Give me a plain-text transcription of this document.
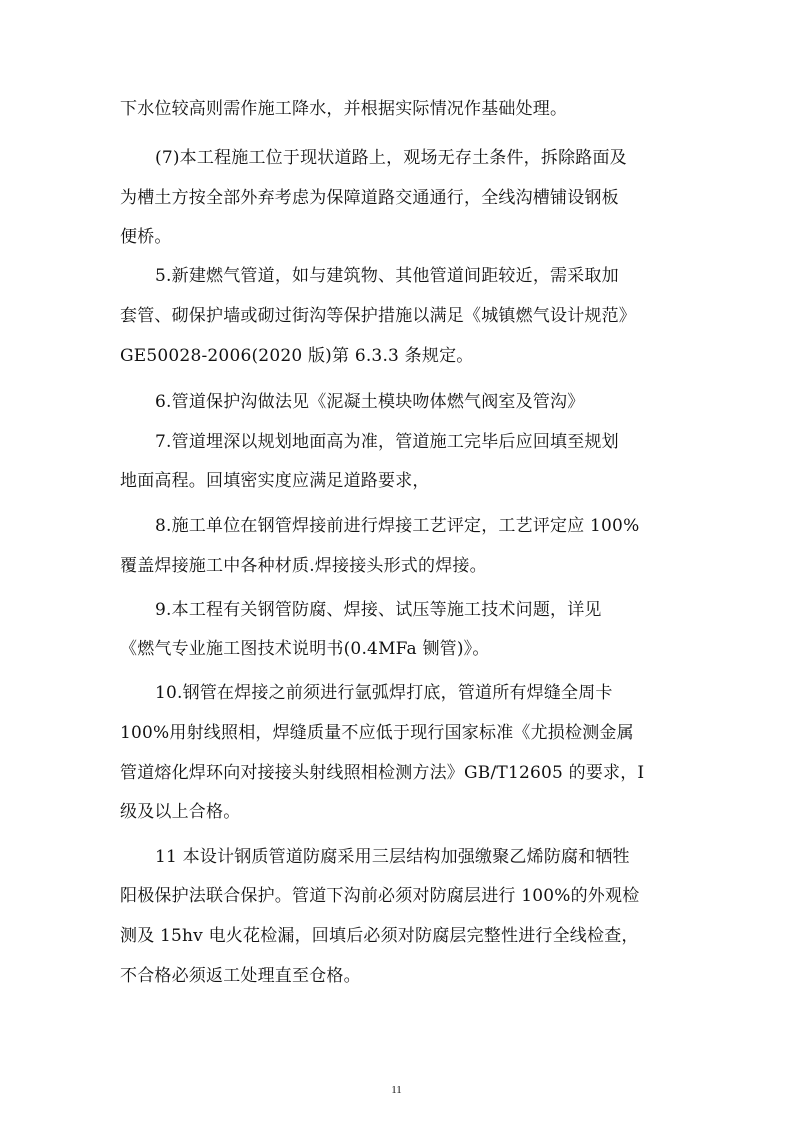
下水位较高则需作施工降水，并根据实际情况作基础处理。
(7)本工程施工位于现状道路上，观场无存土条件，拆除路面及
为槽土方按全部外弃考虑为保障道路交通通行，全线沟槽铺设钢板
便桥。
5.新建燃气管道，如与建筑物、其他管道间距较近，需采取加
套管、砌保护墙或砌过街沟等保护措施以满足《城镇燃气设计规范》
GE50028-2006(2020 版)第 6.3.3 条规定。
6.管道保护沟做法见《泥凝土模块吻体燃气阀室及管沟》
7.管道埋深以规划地面高为准，管道施工完毕后应回填至规划
地面高程。回填密实度应满足道路要求，
8.施工单位在钢管焊接前进行焊接工艺评定，工艺评定应 100%
覆盖焊接施工中各种材质.焊接接头形式的焊接。
9.本工程有关钢管防腐、焊接、试压等施工技术问题，详见
《燃气专业施工图技术说明书(0.4MFa 铡管)》。
10.钢管在焊接之前须进行氩弧焊打底，管道所有焊缝全周卡
100%用射线照相，焊缝质量不应低于现行国家标准《尤损检测金属
管道熔化焊环向对接接头射线照相检测方法》GB/T12605 的要求，I
级及以上合格。
11 本设计钢质管道防腐采用三层结构加强缴聚乙烯防腐和牺牲
阳极保护法联合保护。管道下沟前必须对防腐层进行 100%的外观检
测及 15hv 电火花检漏，回填后必须对防腐层完整性进行全线检查，
不合格必须返工处理直至仓格。
11
